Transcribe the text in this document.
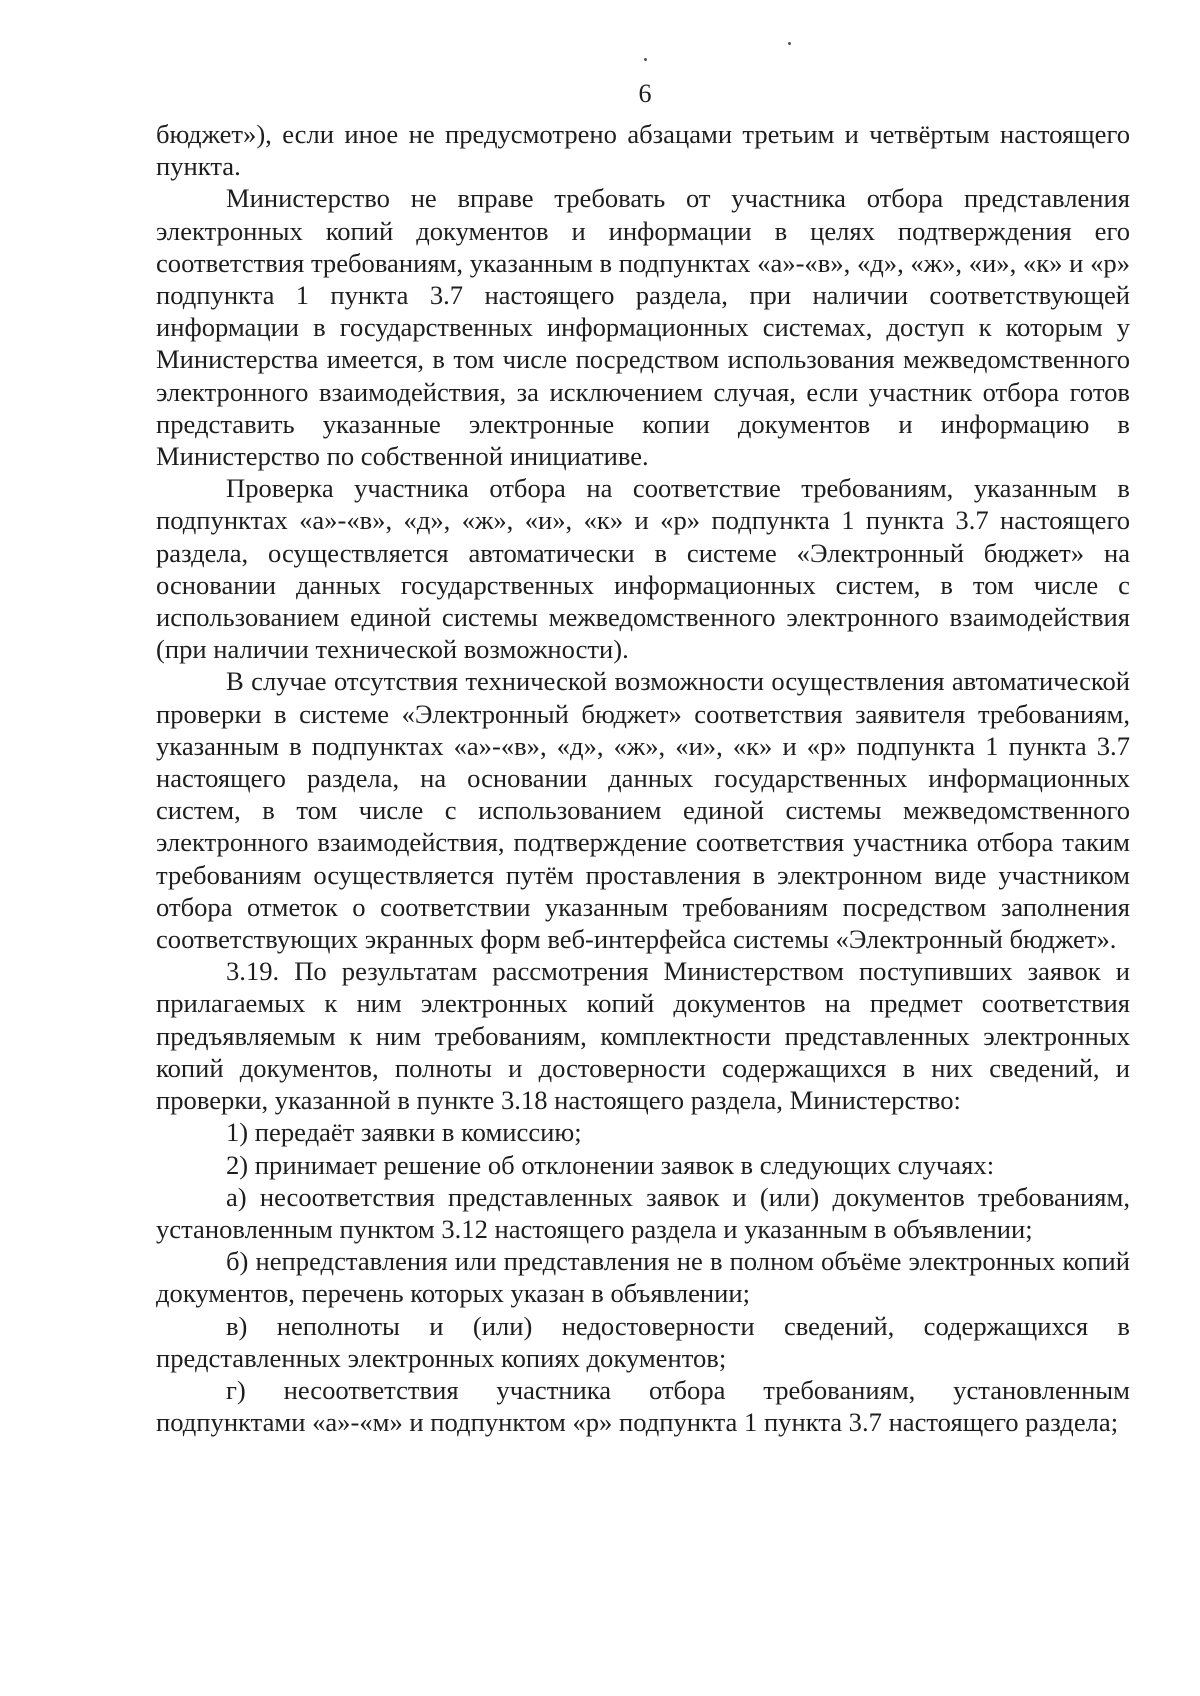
6

бюджет»), если иное не предусмотрено абзацами третьим и четвёртым настоящего пункта.

Министерство не вправе требовать от участника отбора представления электронных копий документов и информации в целях подтверждения его соответствия требованиям, указанным в подпунктах «а»-«в», «д», «ж», «и», «к» и «р» подпункта 1 пункта 3.7 настоящего раздела, при наличии соответствующей информации в государственных информационных системах, доступ к которым у Министерства имеется, в том числе посредством использования межведомственного электронного взаимодействия, за исключением случая, если участник отбора готов представить указанные электронные копии документов и информацию в Министерство по собственной инициативе.

Проверка участника отбора на соответствие требованиям, указанным в подпунктах «а»-«в», «д», «ж», «и», «к» и «р» подпункта 1 пункта 3.7 настоящего раздела, осуществляется автоматически в системе «Электронный бюджет» на основании данных государственных информационных систем, в том числе с использованием единой системы межведомственного электронного взаимодействия (при наличии технической возможности).

В случае отсутствия технической возможности осуществления автоматической проверки в системе «Электронный бюджет» соответствия заявителя требованиям, указанным в подпунктах «а»-«в», «д», «ж», «и», «к» и «р» подпункта 1 пункта 3.7 настоящего раздела, на основании данных государственных информационных систем, в том числе с использованием единой системы межведомственного электронного взаимодействия, подтверждение соответствия участника отбора таким требованиям осуществляется путём проставления в электронном виде участником отбора отметок о соответствии указанным требованиям посредством заполнения соответствующих экранных форм веб-интерфейса системы «Электронный бюджет».

3.19. По результатам рассмотрения Министерством поступивших заявок и прилагаемых к ним электронных копий документов на предмет соответствия предъявляемым к ним требованиям, комплектности представленных электронных копий документов, полноты и достоверности содержащихся в них сведений, и проверки, указанной в пункте 3.18 настоящего раздела, Министерство:

1) передаёт заявки в комиссию;

2) принимает решение об отклонении заявок в следующих случаях:

а) несоответствия представленных заявок и (или) документов требованиям, установленным пунктом 3.12 настоящего раздела и указанным в объявлении;

б) непредставления или представления не в полном объёме электронных копий документов, перечень которых указан в объявлении;

в) неполноты и (или) недостоверности сведений, содержащихся в представленных электронных копиях документов;

г) несоответствия участника отбора требованиям, установленным подпунктами «а»-«м» и подпунктом «р» подпункта 1 пункта 3.7 настоящего раздела;
